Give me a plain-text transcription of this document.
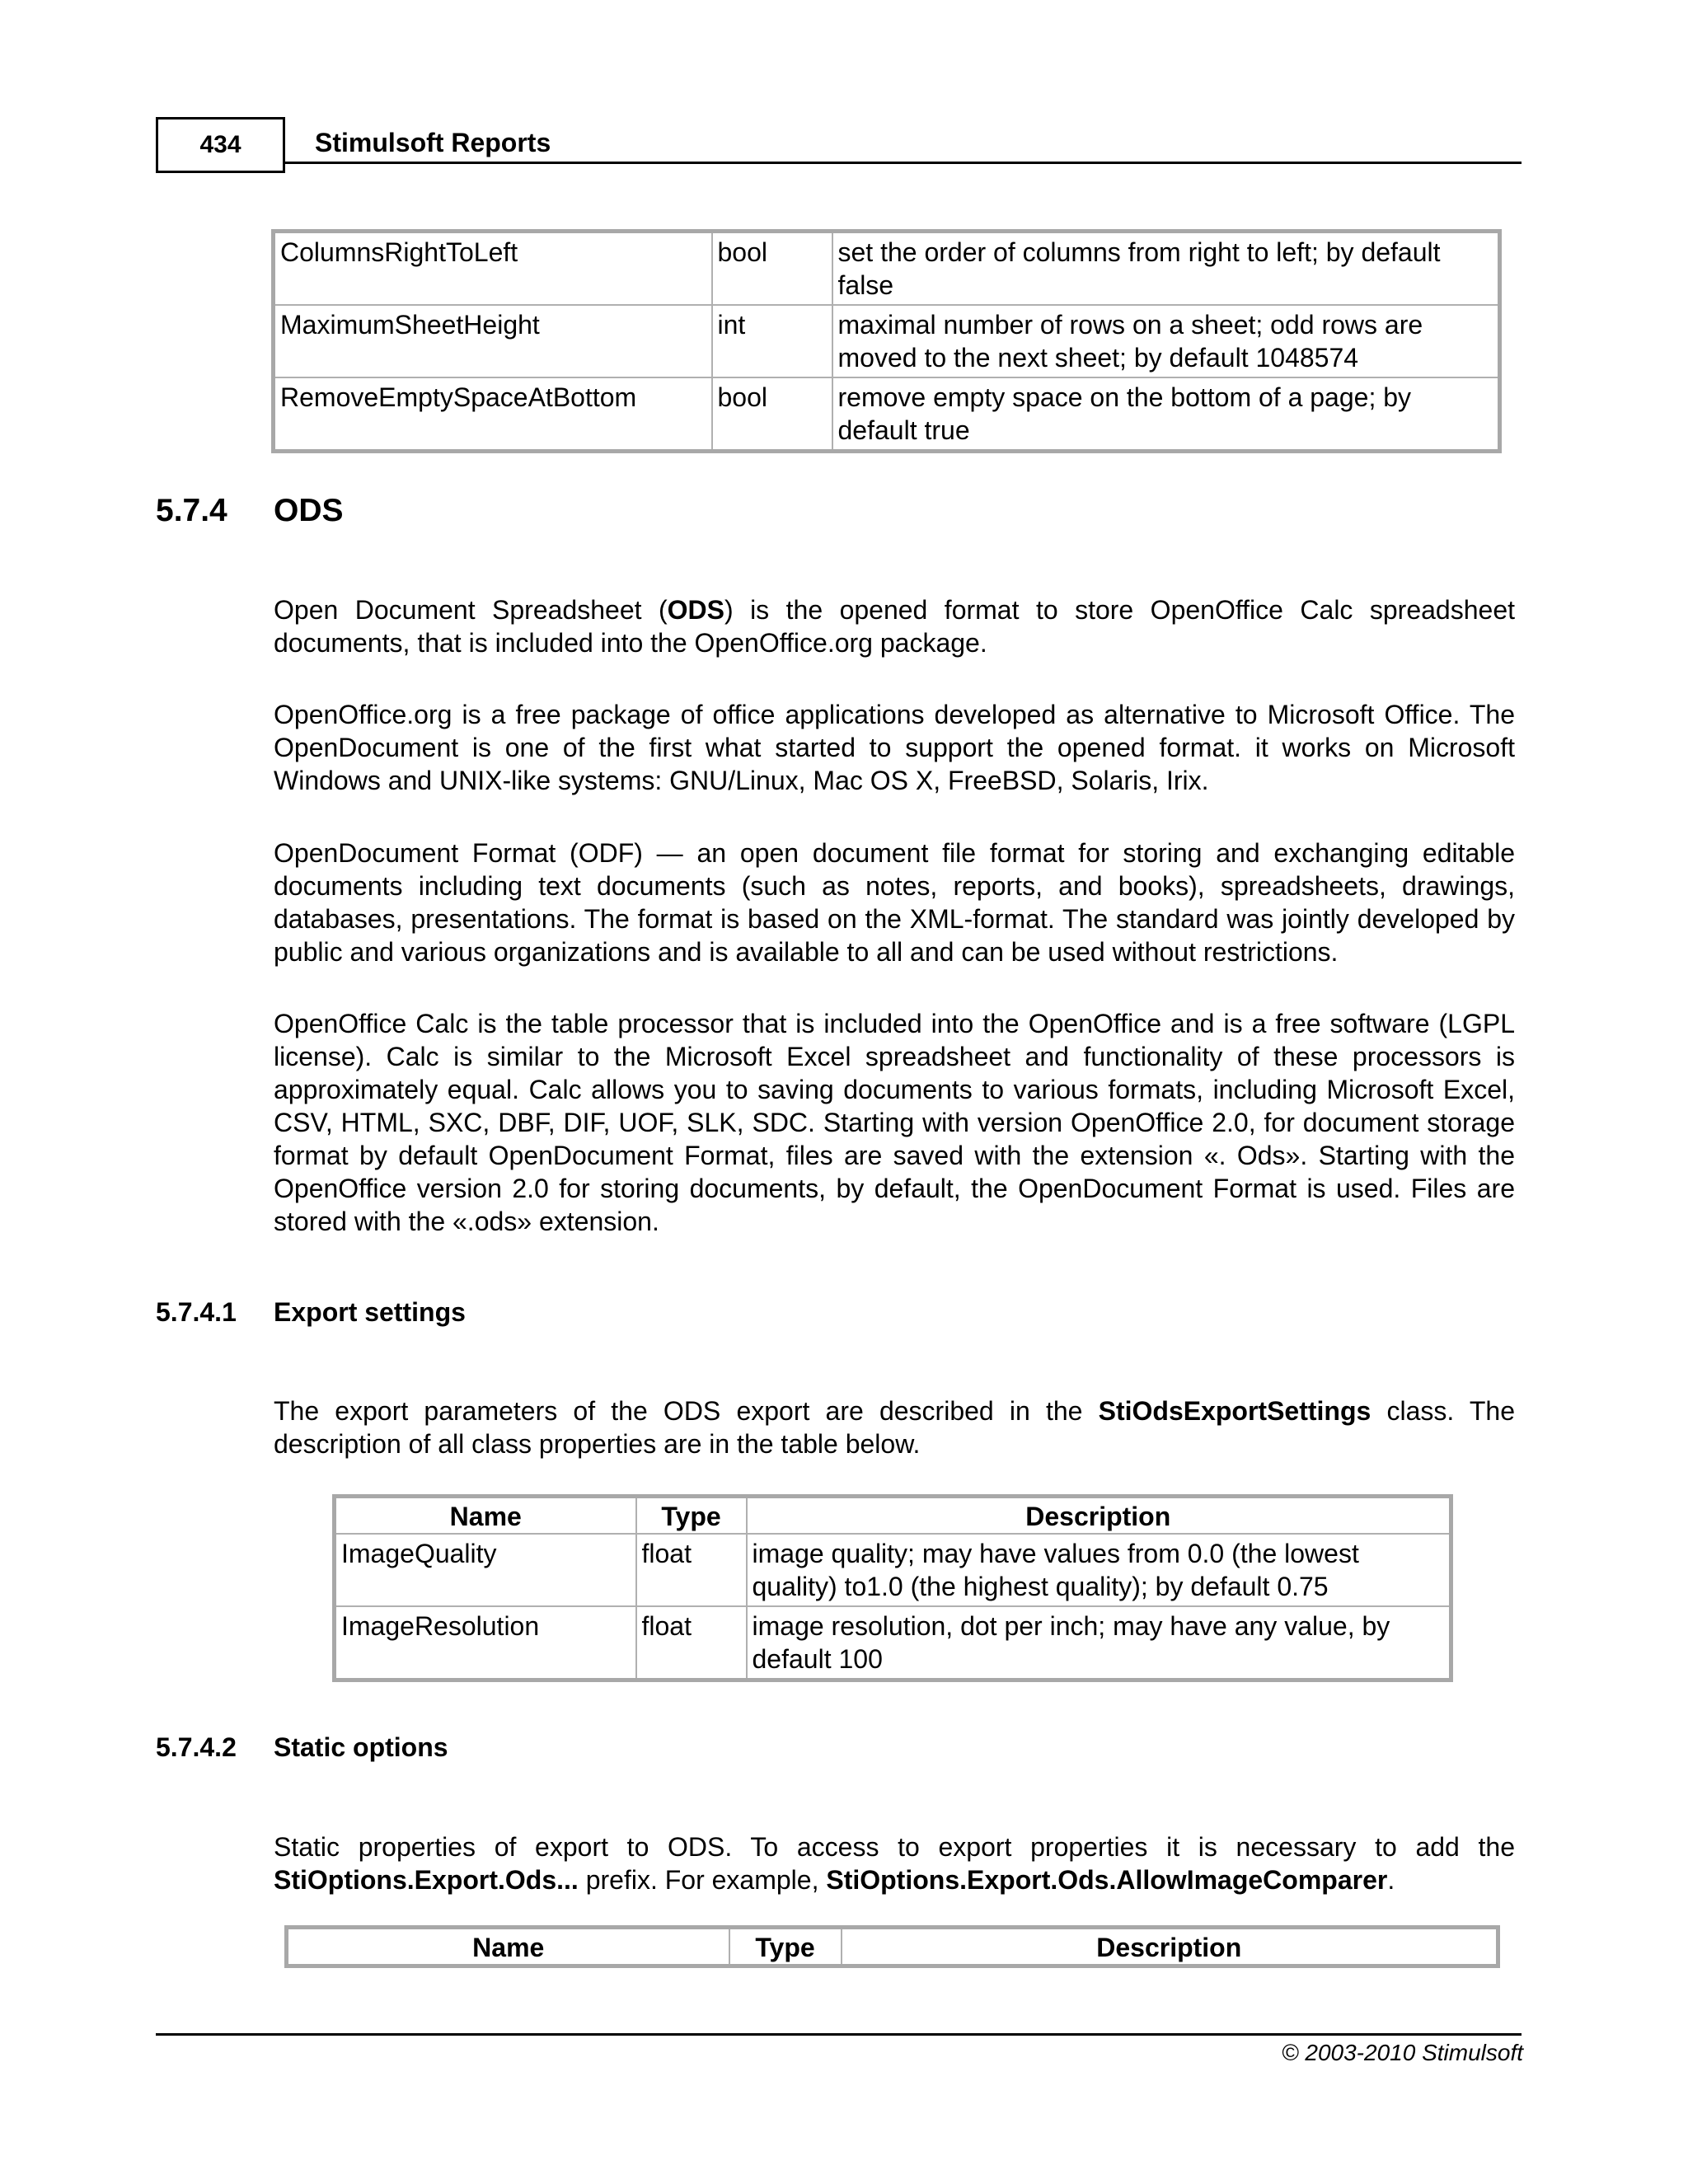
434	Stimulsoft Reports
ColumnsRightToLeft	bool	set the order of columns from right to left; by default false
MaximumSheetHeight	int	maximal number of rows on a sheet; odd rows are moved to the next sheet; by default 1048574
RemoveEmptySpaceAtBottom	bool	remove empty space on the bottom of a page; by default true
5.7.4 ODS

Open Document Spreadsheet (ODS) is the opened format to store OpenOffice Calc spreadsheet documents, that is included into the OpenOffice.org package.

OpenOffice.org is a free package of office applications developed as alternative to Microsoft Office. The OpenDocument is one of the first what started to support the opened format. it works on Microsoft Windows and UNIX-like systems: GNU/Linux, Mac OS X, FreeBSD, Solaris, Irix.

OpenDocument Format (ODF) — an open document file format for storing and exchanging editable documents including text documents (such as notes, reports, and books), spreadsheets, drawings, databases, presentations. The format is based on the XML-format. The standard was jointly developed by public and various organizations and is available to all and can be used without restrictions.

OpenOffice Calc is the table processor that is included into the OpenOffice and is a free software (LGPL license). Calc is similar to the Microsoft Excel spreadsheet and functionality of these processors is approximately equal. Calc allows you to saving documents to various formats, including Microsoft Excel, CSV, HTML, SXC, DBF, DIF, UOF, SLK, SDC. Starting with version OpenOffice 2.0, for document storage format by default OpenDocument Format, files are saved with the extension «. Ods». Starting with the OpenOffice version 2.0 for storing documents, by default, the OpenDocument Format is used. Files are stored with the «.ods» extension.

5.7.4.1 Export settings

The export parameters of the ODS export are described in the StiOdsExportSettings class. The description of all class properties are in the table below.

Name	Type	Description
ImageQuality	float	image quality; may have values from 0.0 (the lowest quality) to1.0 (the highest quality); by default 0.75
ImageResolution	float	image resolution, dot per inch; may have any value, by default 100
5.7.4.2 Static options

Static properties of export to ODS. To access to export properties it is necessary to add the StiOptions.Export.Ods... prefix. For example, StiOptions.Export.Ods.AllowImageComparer.

Name	Type	Description
© 2003-2010 Stimulsoft
